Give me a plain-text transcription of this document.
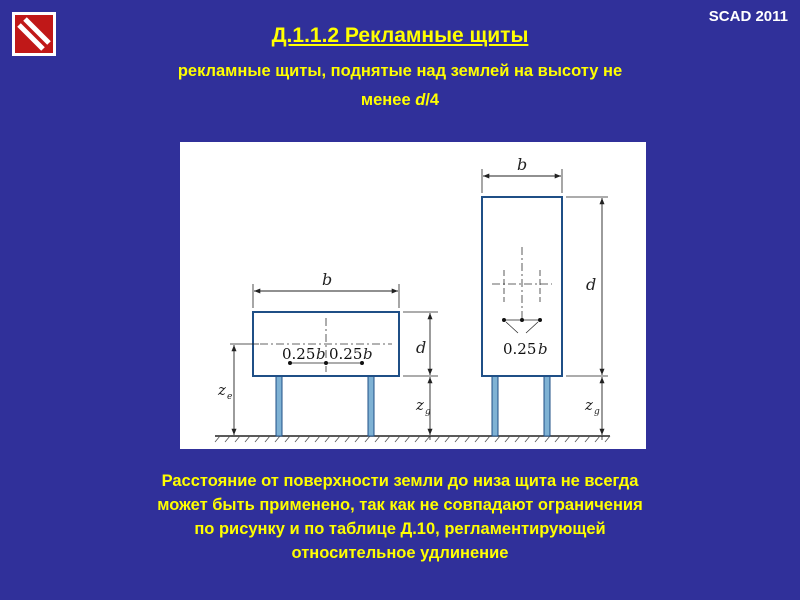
SCAD 2011
Д.1.1.2 Рекламные щиты
рекламные щиты, поднятые над землей на высоту не
менее d/4
0.25 b 0.25 b
b
d
z g
z e
0.25 b
b
d
z g
Расстояние от поверхности земли до низа щита не всегда
может быть применено, так как не совпадают ограничения
по рисунку и по таблице Д.10, регламентирующей
относительное удлинение
